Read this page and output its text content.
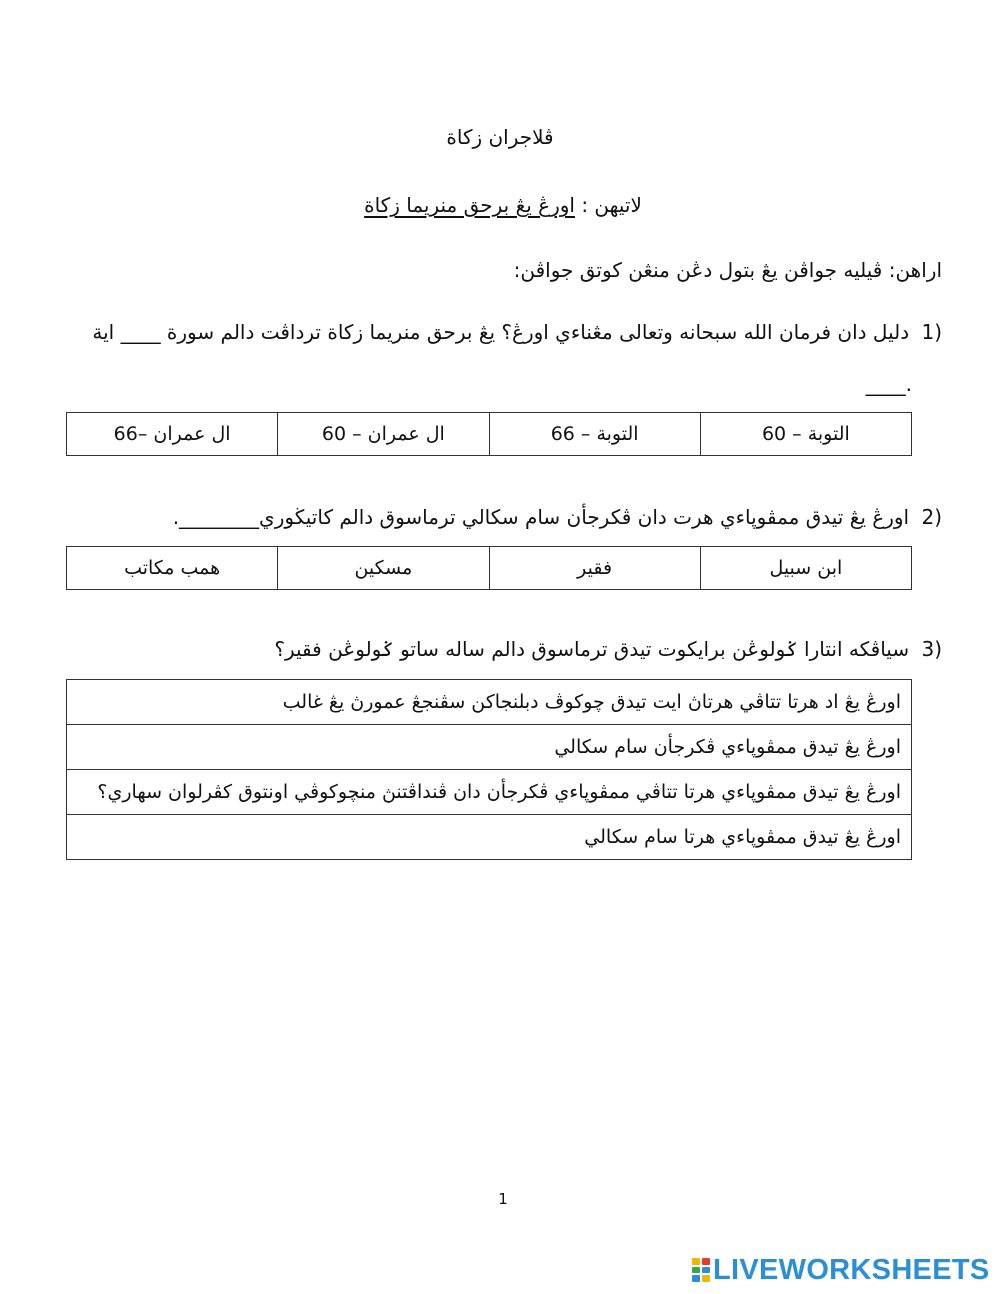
ڤلاجران زكاة
لاتيهن : اورڠ يڠ برحق منريما زكاة
اراهن: ڤيليه جواڤن يڠ بتول دڠن منڠن كوتق جواڤن:
دليل دان فرمان الله سبحانه وتعالى مڠناءي اورڠ؟ يڠ برحق منريما زكاة ترداڤت دالم سورة ____ اية 1)
____.
التوبة – 60	التوبة – 66	ال عمران – 60	ال عمران –66
اورڠ يڠ تيدق ممڤوڽاءي هرت دان ڤكرجأن سام سكالي ترماسوق دالم كاتيڬوري________. 2)
ابن سبيل	فقير	مسكين	همب مكاتب
سياڤكه انتارا ݢولوڠن برايكوت تيدق ترماسوق دالم ساله ساتو ݢولوڠن فقير؟ 3)
اورڠ يڠ اد هرتا تتاڤي هرتاڽ ايت تيدق چوكوڤ دبلنجاكن سڤنجڠ عمورڽ يڠ غالب
اورڠ يڠ تيدق ممڤوڽاءي ڤكرجأن سام سكالي
اورڠ يڠ تيدق ممڤوڽاءي هرتا تتاڤي ممڤوڽاءي ڤكرجأن دان ڤنداڤتنڽ منچوكوڤي اونتوق كڤرلوان سهاري؟
اورڠ يڠ تيدق ممڤوڽاءي هرتا سام سكالي
1
LIVEWORKSHEETS
